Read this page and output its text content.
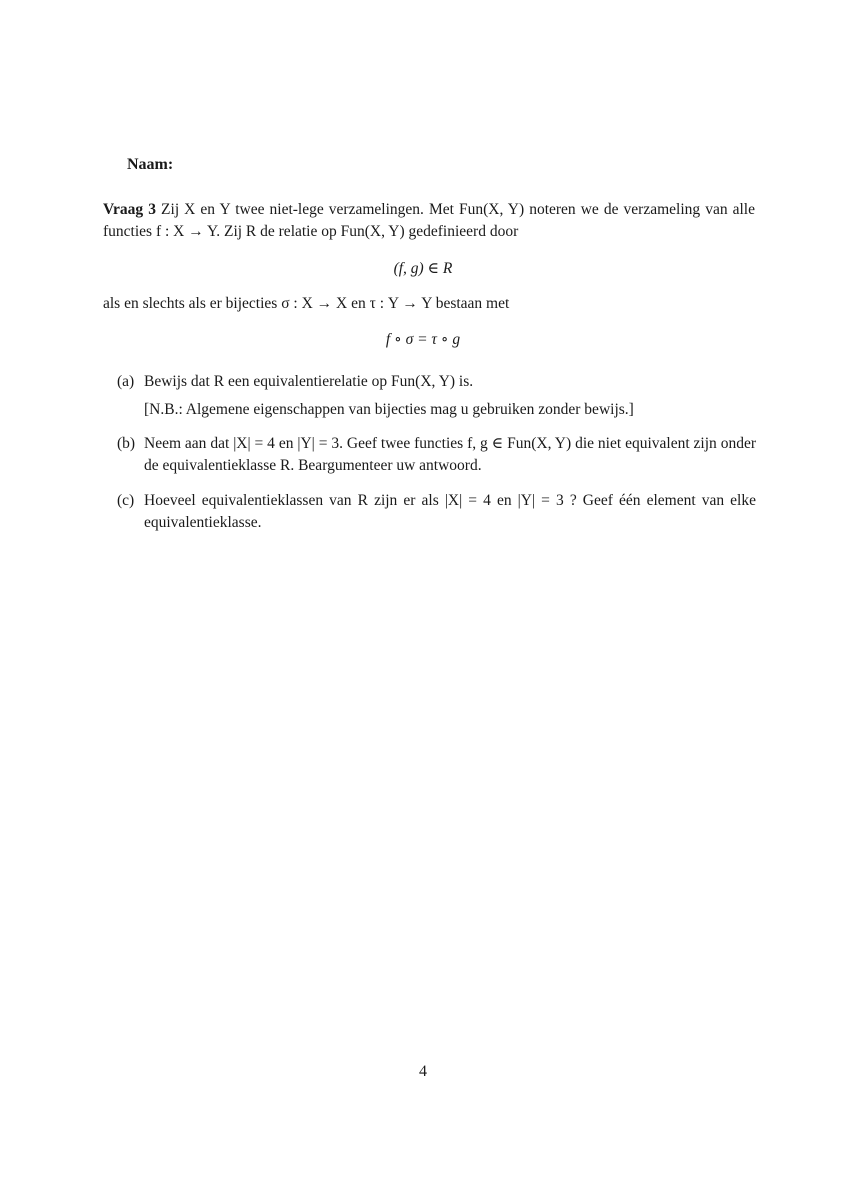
Naam:
Vraag 3 Zij X en Y twee niet-lege verzamelingen. Met Fun(X, Y) noteren we de verzameling van alle functies f : X → Y. Zij R de relatie op Fun(X, Y) gedefinieerd door
(f, g) ∈ R
als en slechts als er bijecties σ : X → X en τ : Y → Y bestaan met
f ∘ σ = τ ∘ g
(a) Bewijs dat R een equivalentierelatie op Fun(X, Y) is.
[N.B.: Algemene eigenschappen van bijecties mag u gebruiken zonder bewijs.]
(b) Neem aan dat |X| = 4 en |Y| = 3. Geef twee functies f, g ∈ Fun(X, Y) die niet equivalent zijn onder de equivalentieklasse R. Beargumenteer uw antwoord.
(c) Hoeveel equivalentieklassen van R zijn er als |X| = 4 en |Y| = 3 ? Geef één element van elke equivalentieklasse.
4
